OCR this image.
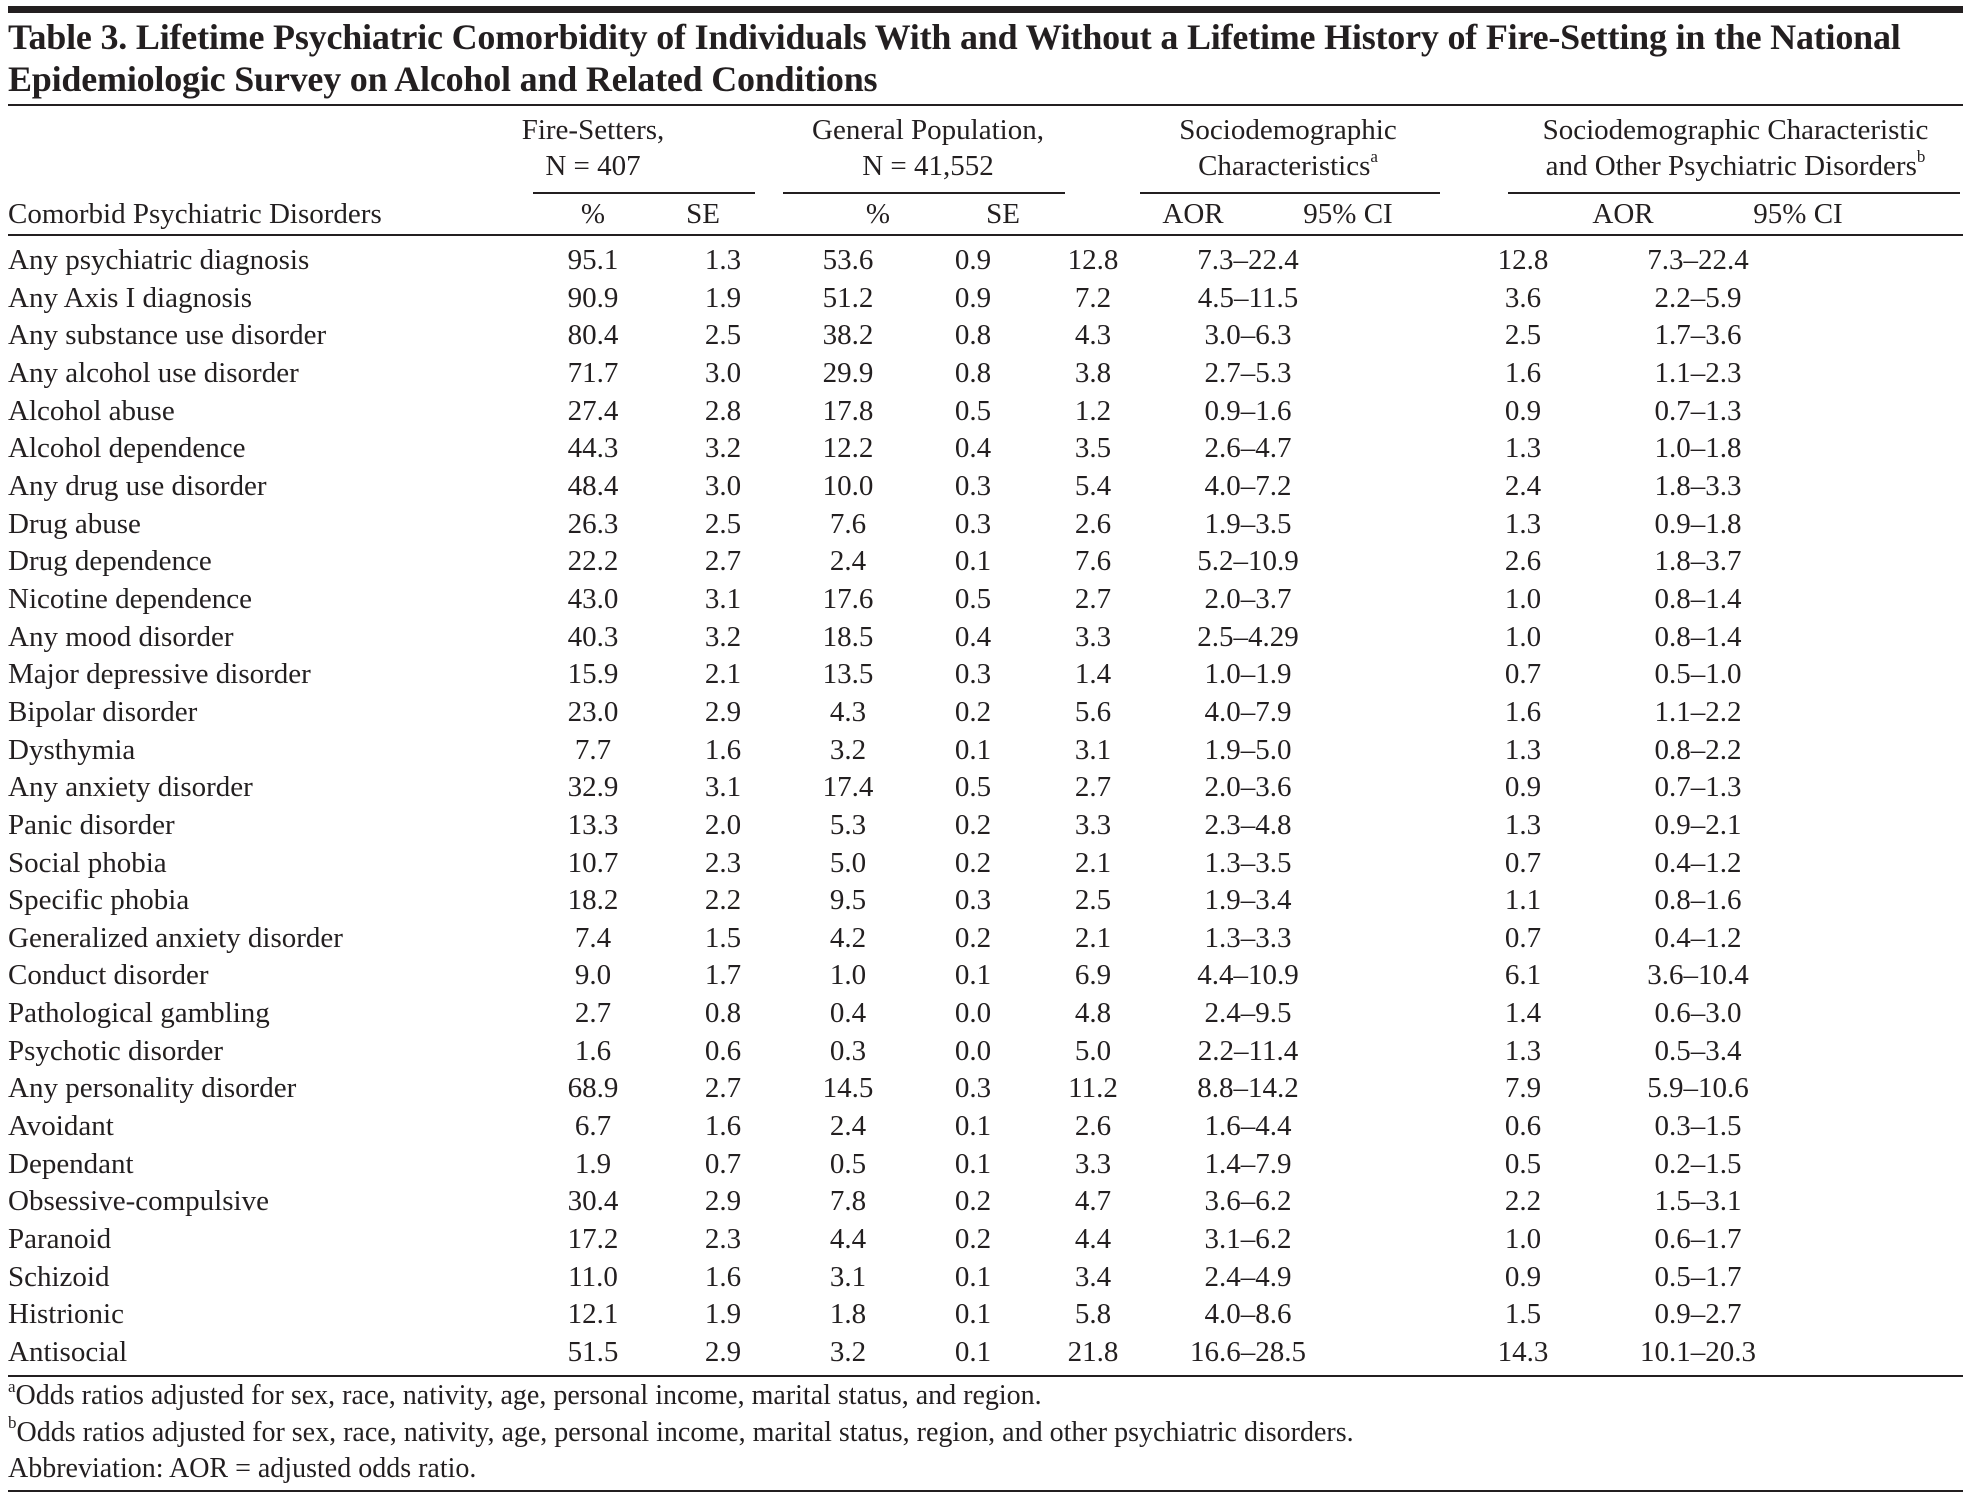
Table 3. Lifetime Psychiatric Comorbidity of Individuals With and Without a Lifetime History of Fire-Setting in the National Epidemiologic Survey on Alcohol and Related Conditions
Fire-Setters,
N = 407
General Population,
N = 41,552
Sociodemographic
Characteristics$^a$
Sociodemographic Characteristic
and Other Psychiatric Disorders$^b$
Comorbid Psychiatric Disorders	%	SE	%	SE	AOR	95% CI	AOR	95% CI
Any psychiatric diagnosis	95.1	1.3	53.6	0.9	12.8	7.3–22.4		12.8	7.3–22.4
Any Axis I diagnosis	90.9	1.9	51.2	0.9	7.2	4.5–11.5		3.6	2.2–5.9
Any substance use disorder	80.4	2.5	38.2	0.8	4.3	3.0–6.3		2.5	1.7–3.6
Any alcohol use disorder	71.7	3.0	29.9	0.8	3.8	2.7–5.3		1.6	1.1–2.3
Alcohol abuse	27.4	2.8	17.8	0.5	1.2	0.9–1.6		0.9	0.7–1.3
Alcohol dependence	44.3	3.2	12.2	0.4	3.5	2.6–4.7		1.3	1.0–1.8
Any drug use disorder	48.4	3.0	10.0	0.3	5.4	4.0–7.2		2.4	1.8–3.3
Drug abuse	26.3	2.5	7.6	0.3	2.6	1.9–3.5		1.3	0.9–1.8
Drug dependence	22.2	2.7	2.4	0.1	7.6	5.2–10.9		2.6	1.8–3.7
Nicotine dependence	43.0	3.1	17.6	0.5	2.7	2.0–3.7		1.0	0.8–1.4
Any mood disorder	40.3	3.2	18.5	0.4	3.3	2.5–4.29		1.0	0.8–1.4
Major depressive disorder	15.9	2.1	13.5	0.3	1.4	1.0–1.9		0.7	0.5–1.0
Bipolar disorder	23.0	2.9	4.3	0.2	5.6	4.0–7.9		1.6	1.1–2.2
Dysthymia	7.7	1.6	3.2	0.1	3.1	1.9–5.0		1.3	0.8–2.2
Any anxiety disorder	32.9	3.1	17.4	0.5	2.7	2.0–3.6		0.9	0.7–1.3
Panic disorder	13.3	2.0	5.3	0.2	3.3	2.3–4.8		1.3	0.9–2.1
Social phobia	10.7	2.3	5.0	0.2	2.1	1.3–3.5		0.7	0.4–1.2
Specific phobia	18.2	2.2	9.5	0.3	2.5	1.9–3.4		1.1	0.8–1.6
Generalized anxiety disorder	7.4	1.5	4.2	0.2	2.1	1.3–3.3		0.7	0.4–1.2
Conduct disorder	9.0	1.7	1.0	0.1	6.9	4.4–10.9		6.1	3.6–10.4
Pathological gambling	2.7	0.8	0.4	0.0	4.8	2.4–9.5		1.4	0.6–3.0
Psychotic disorder	1.6	0.6	0.3	0.0	5.0	2.2–11.4		1.3	0.5–3.4
Any personality disorder	68.9	2.7	14.5	0.3	11.2	8.8–14.2		7.9	5.9–10.6
Avoidant	6.7	1.6	2.4	0.1	2.6	1.6–4.4		0.6	0.3–1.5
Dependant	1.9	0.7	0.5	0.1	3.3	1.4–7.9		0.5	0.2–1.5
Obsessive-compulsive	30.4	2.9	7.8	0.2	4.7	3.6–6.2		2.2	1.5–3.1
Paranoid	17.2	2.3	4.4	0.2	4.4	3.1–6.2		1.0	0.6–1.7
Schizoid	11.0	1.6	3.1	0.1	3.4	2.4–4.9		0.9	0.5–1.7
Histrionic	12.1	1.9	1.8	0.1	5.8	4.0–8.6		1.5	0.9–2.7
Antisocial	51.5	2.9	3.2	0.1	21.8	16.6–28.5		14.3	10.1–20.3
$^a$Odds ratios adjusted for sex, race, nativity, age, personal income, marital status, and region.
$^b$Odds ratios adjusted for sex, race, nativity, age, personal income, marital status, region, and other psychiatric disorders.
Abbreviation: AOR = adjusted odds ratio.
